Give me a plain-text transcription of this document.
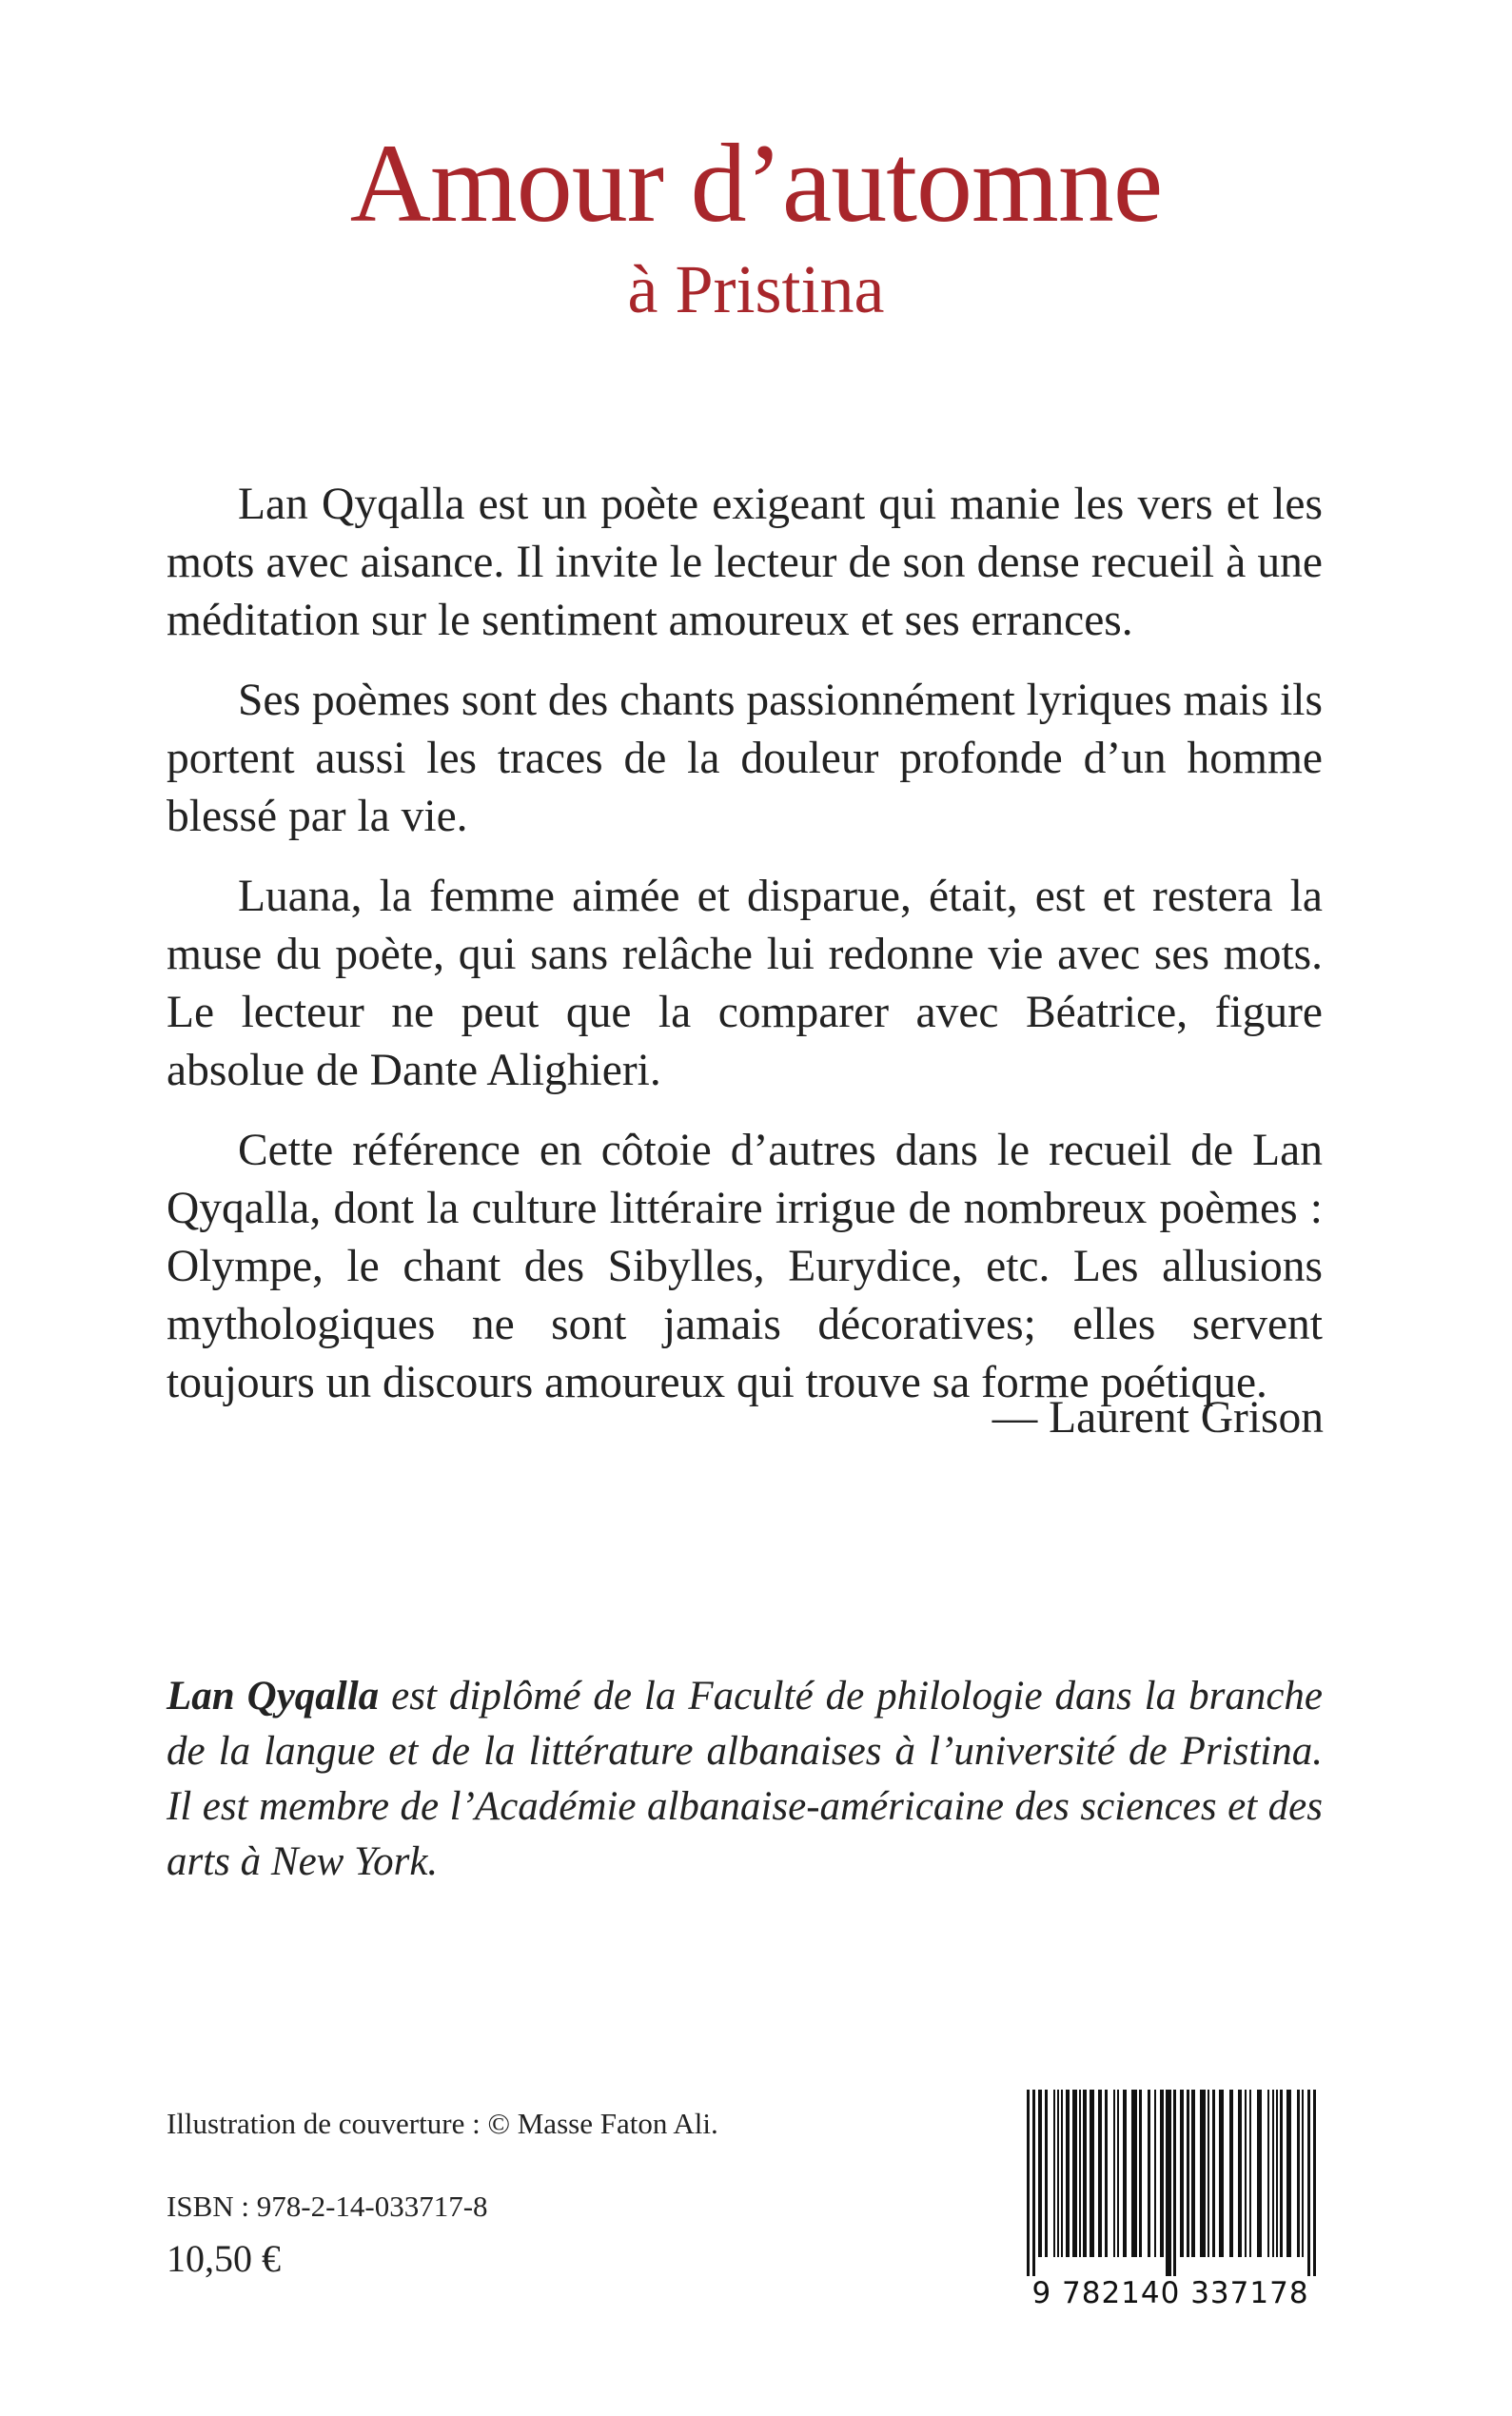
Amour d’automne
à Pristina

Lan Qyqalla est un poète exigeant qui manie les vers et les mots avec aisance. Il invite le lecteur de son dense recueil à une méditation sur le sentiment amoureux et ses errances.

Ses poèmes sont des chants passionnément lyriques mais ils portent aussi les traces de la douleur profonde d’un homme blessé par la vie.

Luana, la femme aimée et disparue, était, est et restera la muse du poète, qui sans relâche lui redonne vie avec ses mots. Le lecteur ne peut que la comparer avec Béatrice, figure absolue de Dante Alighieri.

Cette référence en côtoie d’autres dans le recueil de Lan Qyqalla, dont la culture littéraire irrigue de nombreux poèmes : Olympe, le chant des Sibylles, Eurydice, etc. Les allusions mythologiques ne sont jamais décoratives; elles servent toujours un discours amoureux qui trouve sa forme poétique.

— Laurent Grison
Lan Qyqalla est diplômé de la Faculté de philologie dans la branche de la langue et de la littérature albanaises à l’université de Pristina. Il est membre de l’Académie albanaise-américaine des sciences et des arts à New York.
Illustration de couverture : © Masse Faton Ali.
ISBN : 978-2-14-033717-8
10,50 €
9 782140 337178
